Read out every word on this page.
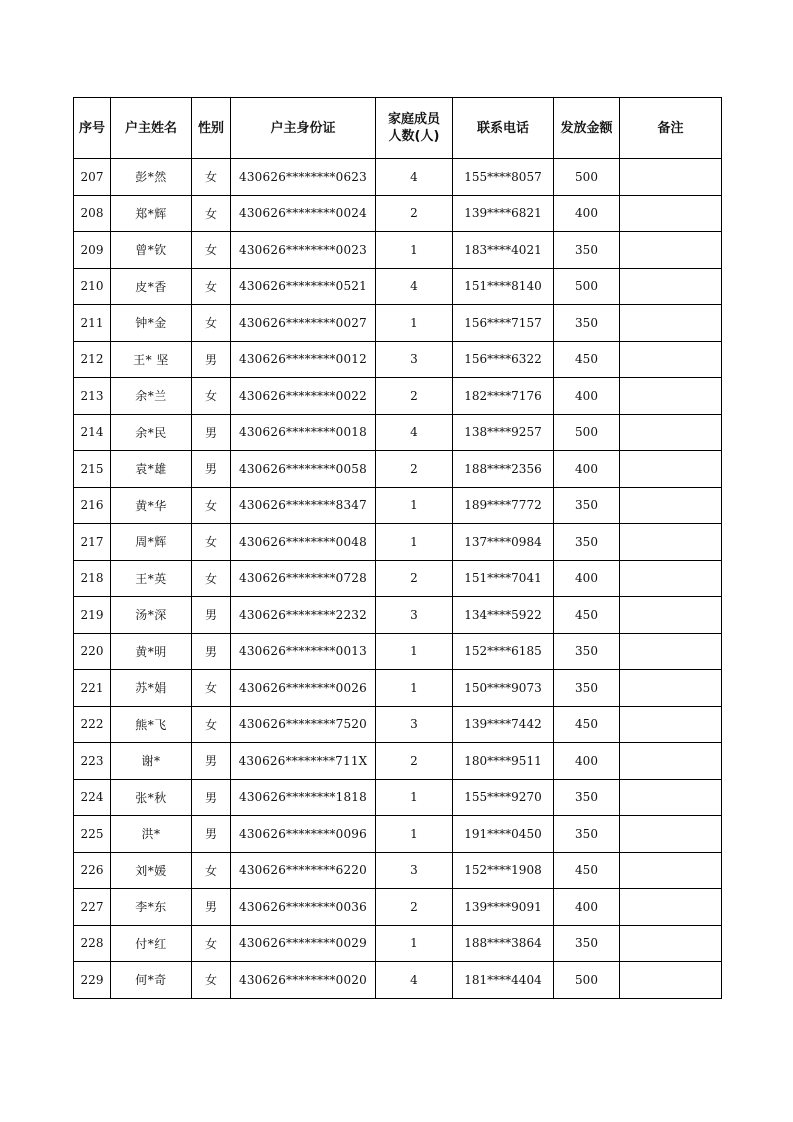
序号	户主姓名	性别	户主身份证	家庭成员人数(人)	联系电话	发放金额	备注
207	彭*然	女	430626********0623	4	155****8057	500	
208	郑*辉	女	430626********0024	2	139****6821	400	
209	曾*钦	女	430626********0023	1	183****4021	350	
210	皮*香	女	430626********0521	4	151****8140	500	
211	钟*金	女	430626********0027	1	156****7157	350	
212	王* 坚	男	430626********0012	3	156****6322	450	
213	余*兰	女	430626********0022	2	182****7176	400	
214	余*民	男	430626********0018	4	138****9257	500	
215	袁*雄	男	430626********0058	2	188****2356	400	
216	黄*华	女	430626********8347	1	189****7772	350	
217	周*辉	女	430626********0048	1	137****0984	350	
218	王*英	女	430626********0728	2	151****7041	400	
219	汤*深	男	430626********2232	3	134****5922	450	
220	黄*明	男	430626********0013	1	152****6185	350	
221	苏*娟	女	430626********0026	1	150****9073	350	
222	熊*飞	女	430626********7520	3	139****7442	450	
223	谢*	男	430626********711X	2	180****9511	400	
224	张*秋	男	430626********1818	1	155****9270	350	
225	洪*	男	430626********0096	1	191****0450	350	
226	刘*媛	女	430626********6220	3	152****1908	450	
227	李*东	男	430626********0036	2	139****9091	400	
228	付*红	女	430626********0029	1	188****3864	350	
229	何*奇	女	430626********0020	4	181****4404	500	
